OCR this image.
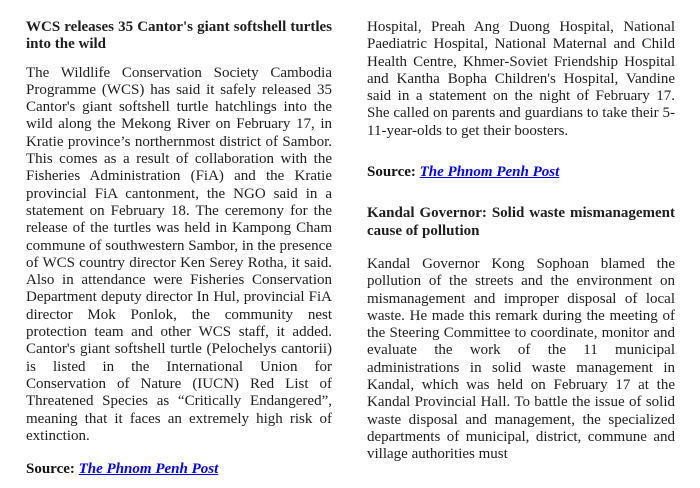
WCS releases 35 Cantor's giant softshell turtles into the wild
The Wildlife Conservation Society Cambodia Programme (WCS) has said it safely released 35 Cantor's giant softshell turtle hatchlings into the wild along the Mekong River on February 17, in Kratie province’s northernmost district of Sambor. This comes as a result of collaboration with the Fisheries Administration (FiA) and the Kratie provincial FiA cantonment, the NGO said in a statement on February 18. The ceremony for the release of the turtles was held in Kampong Cham commune of southwestern Sambor, in the presence of WCS country director Ken Serey Rotha, it said. Also in attendance were Fisheries Conservation Department deputy director In Hul, provincial FiA director Mok Ponlok, the community nest protection team and other WCS staff, it added. Cantor's giant softshell turtle (Pelochelys cantorii) is listed in the International Union for Conservation of Nature (IUCN) Red List of Threatened Species as “Critically Endangered”, meaning that it faces an extremely high risk of extinction.
Source: The Phnom Penh Post
Hospital, Preah Ang Duong Hospital, National Paediatric Hospital, National Maternal and Child Health Centre, Khmer-Soviet Friendship Hospital and Kantha Bopha Children's Hospital, Vandine said in a statement on the night of February 17. She called on parents and guardians to take their 5-11-year-olds to get their boosters.
Source: The Phnom Penh Post
Kandal Governor: Solid waste mismanagement cause of pollution
Kandal Governor Kong Sophoan blamed the pollution of the streets and the environment on mismanagement and improper disposal of local waste. He made this remark during the meeting of the Steering Committee to coordinate, monitor and evaluate the work of the 11 municipal administrations in solid waste management in Kandal, which was held on February 17 at the Kandal Provincial Hall. To battle the issue of solid waste disposal and management, the specialized departments of municipal, district, commune and village authorities must
